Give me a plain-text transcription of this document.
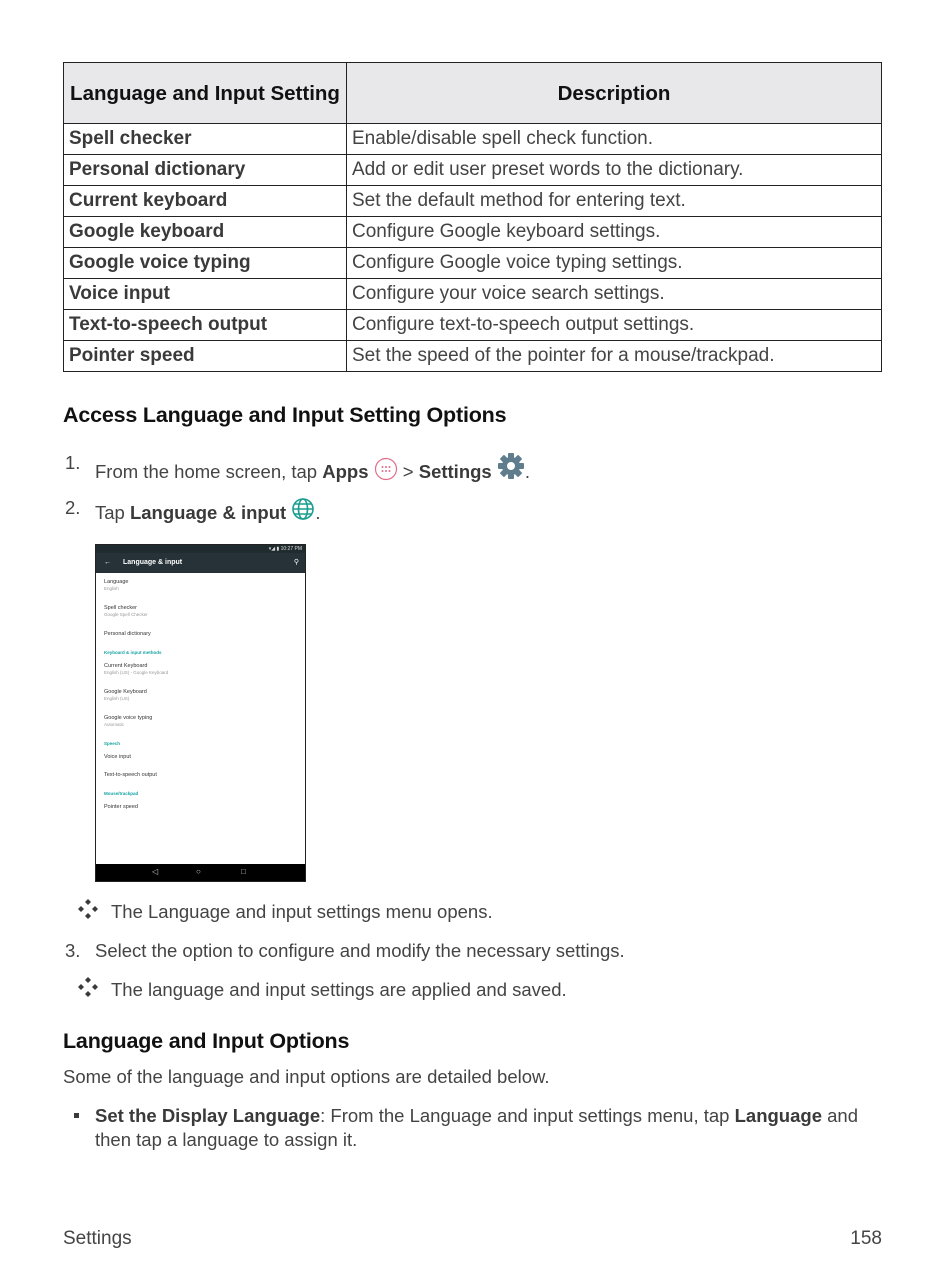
Language and Input Setting	Description
Spell checker	Enable/disable spell check function.
Personal dictionary	Add or edit user preset words to the dictionary.
Current keyboard	Set the default method for entering text.
Google keyboard	Configure Google keyboard settings.
Google voice typing	Configure Google voice typing settings.
Voice input	Configure your voice search settings.
Text-to-speech output	Configure text-to-speech output settings.
Pointer speed	Set the speed of the pointer for a mouse/trackpad.
Access Language and Input Setting Options
1. From the home screen, tap Apps  > Settings .
2. Tap Language & input .
▾◢ ▮ 10:27 PM
← Language & input	⚲
Language
English
Spell checker
Google Spell Checker
Personal dictionary
Keyboard & input methods
Current Keyboard
English (US) - Google Keyboard
Google Keyboard
English (US)
Google voice typing
Automatic
Speech
Voice input
Text-to-speech output
Mouse/trackpad
Pointer speed
◁	○	□
The Language and input settings menu opens.
3. Select the option to configure and modify the necessary settings.
The language and input settings are applied and saved.
Language and Input Options
Some of the language and input options are detailed below.
Set the Display Language: From the Language and input settings menu, tap Language and
then tap a language to assign it.
Settings	158
